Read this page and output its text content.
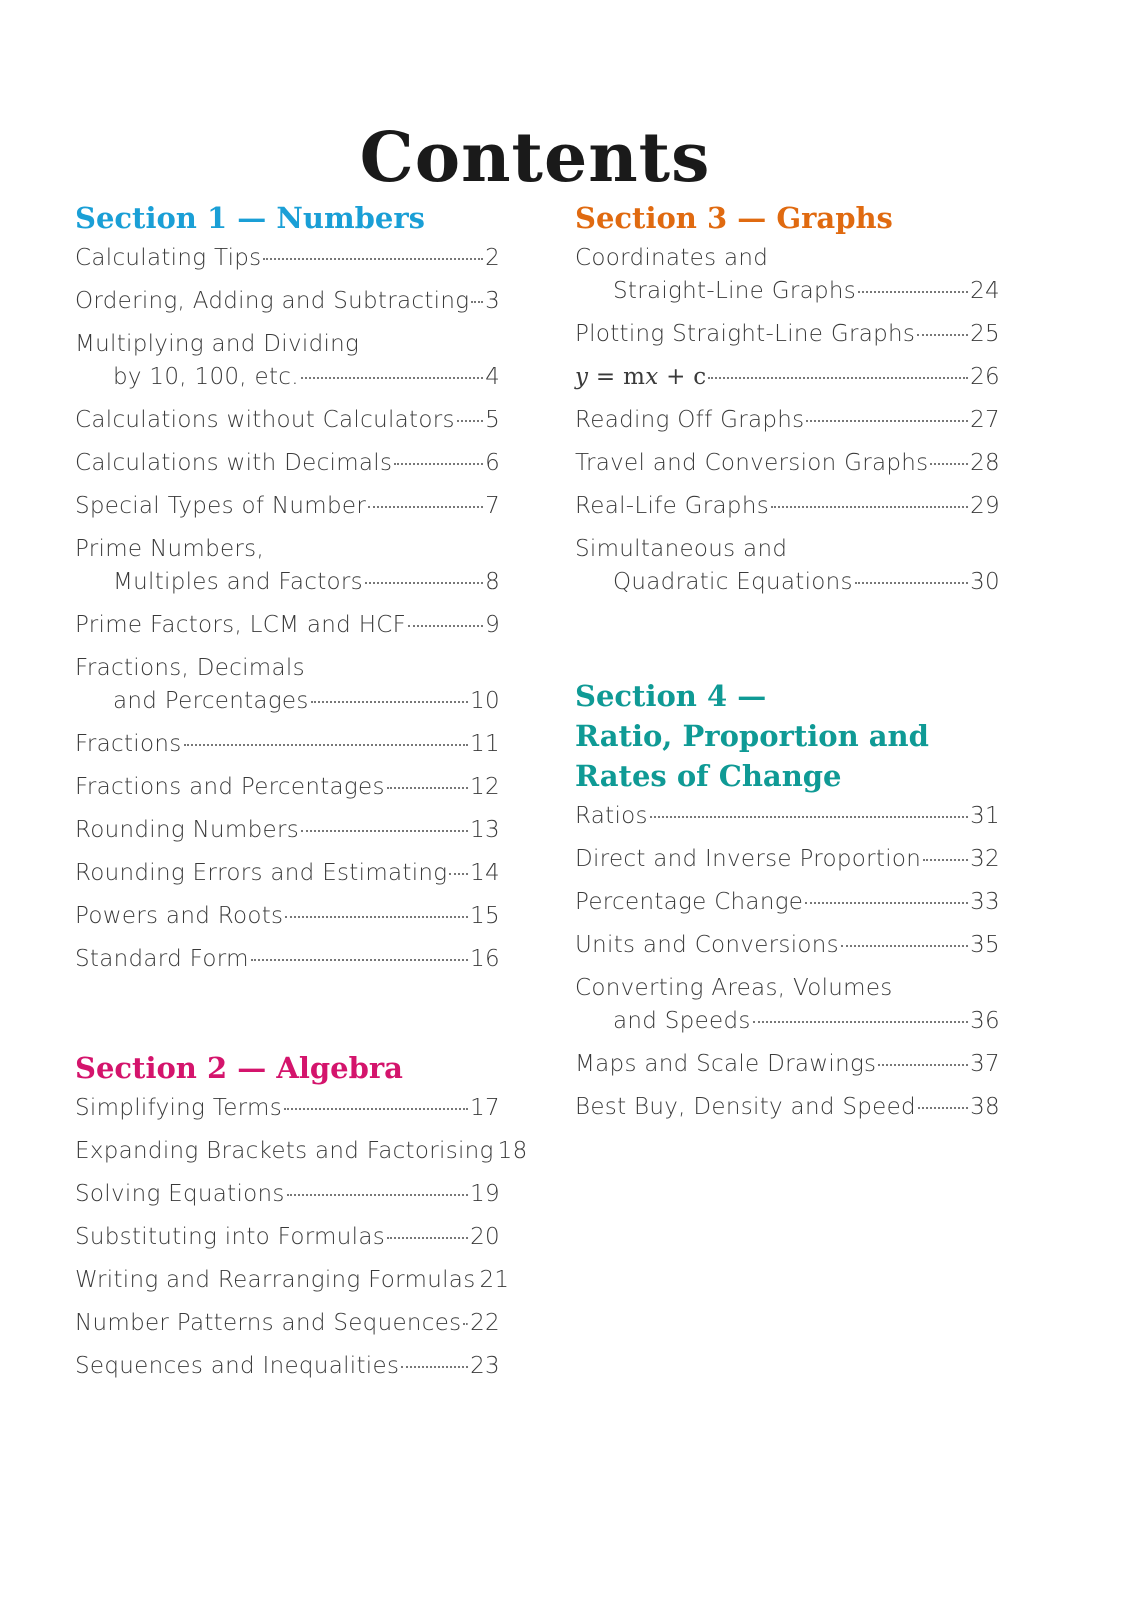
Contents
Section 1 — Numbers
Calculating Tips	2
Ordering, Adding and Subtracting 3
Multiplying and Dividing
by 10, 100, etc.	4
Calculations without Calculators 5
Calculations with Decimals	6
Special Types of Number	7
Prime Numbers,
Multiples and Factors	8
Prime Factors, LCM and HCF	9
Fractions, Decimals
and Percentages	10
Fractions	11
Fractions and Percentages	12
Rounding Numbers	13
Rounding Errors and Estimating 14
Powers and Roots	15
Standard Form	16
Section 2 — Algebra
Simplifying Terms	17
Expanding Brackets and Factorising 18
Solving Equations	19
Substituting into Formulas	20
Writing and Rearranging Formulas 21
Number Patterns and Sequences 22
Sequences and Inequalities	23
Section 3 — Graphs
Coordinates and
Straight-Line Graphs	24
Plotting Straight-Line Graphs 25
y = mx + c	26
Reading Off Graphs	27
Travel and Conversion Graphs 28
Real-Life Graphs	29
Simultaneous and
Quadratic Equations	30
Section 4 —
Ratio, Proportion and
Rates of Change
Ratios	31
Direct and Inverse Proportion 32
Percentage Change	33
Units and Conversions	35
Converting Areas, Volumes
and Speeds	36
Maps and Scale Drawings	37
Best Buy, Density and Speed 38
